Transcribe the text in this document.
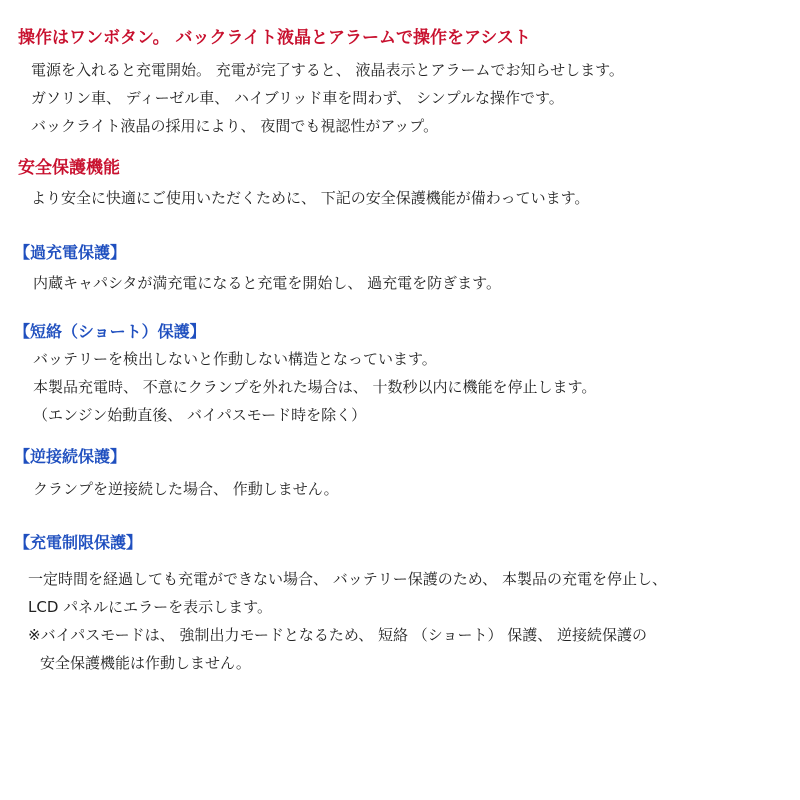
操作はワンボタン。 バックライト液晶とアラームで操作をアシスト
電源を入れると充電開始。 充電が完了すると、 液晶表示とアラームでお知らせします。
ガソリン車、 ディーゼル車、 ハイブリッド車を問わず、 シンプルな操作です。
バックライト液晶の採用により、 夜間でも視認性がアップ。
安全保護機能
より安全に快適にご使用いただくために、 下記の安全保護機能が備わっています。
【過充電保護】
内蔵キャパシタが満充電になると充電を開始し、 過充電を防ぎます。
【短絡（ショート）保護】
バッテリーを検出しないと作動しない構造となっています。
本製品充電時、 不意にクランプを外れた場合は、 十数秒以内に機能を停止します。
（エンジン始動直後、 バイパスモード時を除く）
【逆接続保護】
クランプを逆接続した場合、 作動しません。
【充電制限保護】
一定時間を経過しても充電ができない場合、 バッテリー保護のため、 本製品の充電を停止し、
LCD パネルにエラーを表示します。
※バイパスモードは、 強制出力モードとなるため、 短絡 （ショート） 保護、 逆接続保護の
安全保護機能は作動しません。
